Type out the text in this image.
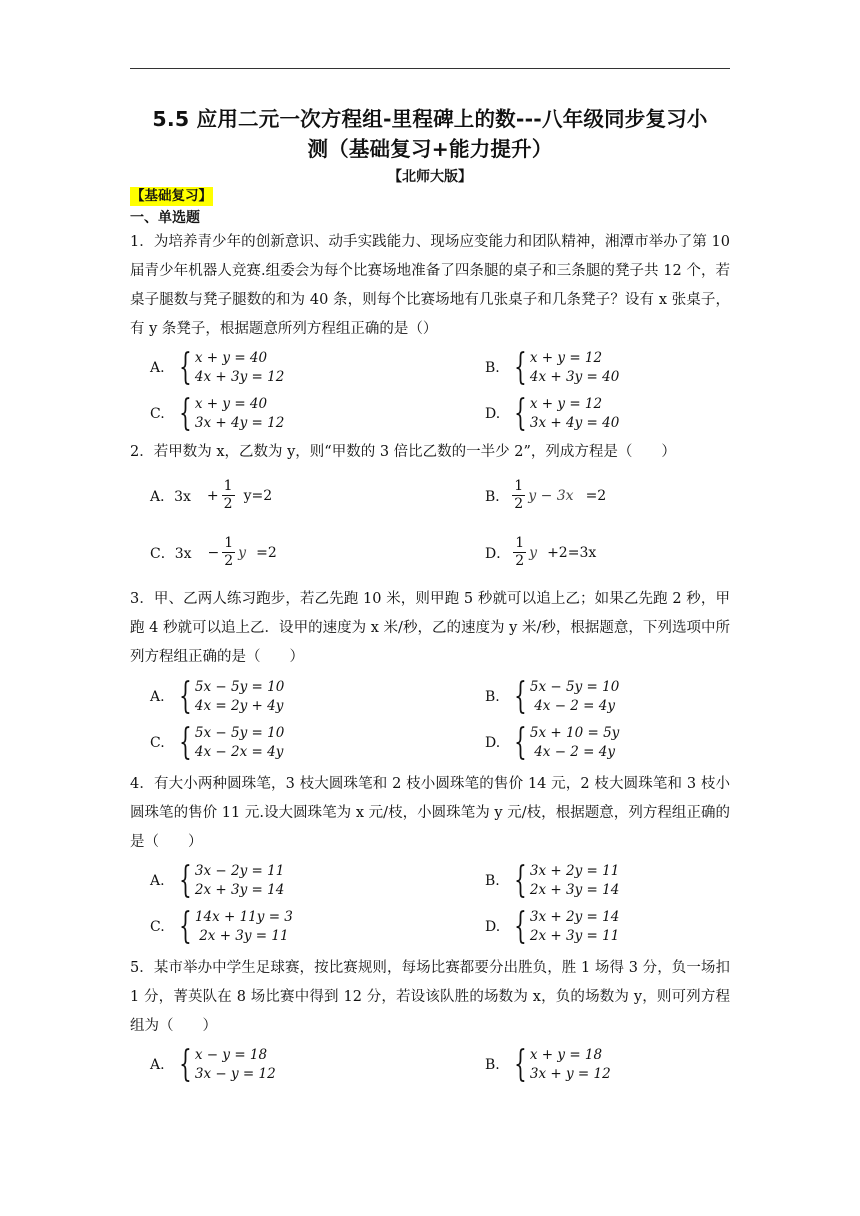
5.5 应用二元一次方程组-里程碑上的数---八年级同步复习小
测（基础复习+能力提升）
【北师大版】
【基础复习】
一、单选题
1．为培养青少年的创新意识、动手实践能力、现场应变能力和团队精神，湘潭市举办了第 10 届青少年机器人竞赛.组委会为每个比赛场地准备了四条腿的桌子和三条腿的凳子共 12 个，若桌子腿数与凳子腿数的和为 40 条，则每个比赛场地有几张桌子和几条凳子？设有 x 张桌子，有 y 条凳子，根据题意所列方程组正确的是（）
A. { x + y = 40
4x + 3y = 12
B. { x + y = 12
4x + 3y = 40
C. { x + y = 40
3x + 4y = 12
D. { x + y = 12
3x + 4y = 40
2．若甲数为 x，乙数为 y，则“甲数的 3 倍比乙数的一半少 2”，列成方程是（　　）
A．$3x + \frac{1}{2} y=2$	B． $\frac{1}{2}$ y − 3x =2
C．$3x - \frac{1}{2}$ y =2	D． $\frac{1}{2}$ y +2=3x
3．甲、乙两人练习跑步，若乙先跑 10 米，则甲跑 5 秒就可以追上乙；如果乙先跑 2 秒，甲跑 4 秒就可以追上乙．设甲的速度为 x 米/秒，乙的速度为 y 米/秒，根据题意，下列选项中所列方程组正确的是（　　）
A. { 5x − 5y = 10
4x = 2y + 4y
B. { 5x − 5y = 10
4x − 2 = 4y
C. { 5x − 5y = 10
4x − 2x = 4y
D. { 5x + 10 = 5y
4x − 2 = 4y
4．有大小两种圆珠笔，3 枝大圆珠笔和 2 枝小圆珠笔的售价 14 元，2 枝大圆珠笔和 3 枝小圆珠笔的售价 11 元.设大圆珠笔为 x 元/枝，小圆珠笔为 y 元/枝，根据题意，列方程组正确的是（　　）
A. { 3x − 2y = 11
2x + 3y = 14
B. { 3x + 2y = 11
2x + 3y = 14
C. { 14x + 11y = 3
2x + 3y = 11
D. { 3x + 2y = 14
2x + 3y = 11
5．某市举办中学生足球赛，按比赛规则，每场比赛都要分出胜负，胜 1 场得 3 分，负一场扣 1 分，菁英队在 8 场比赛中得到 12 分，若设该队胜的场数为 x，负的场数为 y，则可列方程组为（　　）
A. { x − y = 18
3x − y = 12
B. { x + y = 18
3x + y = 12
